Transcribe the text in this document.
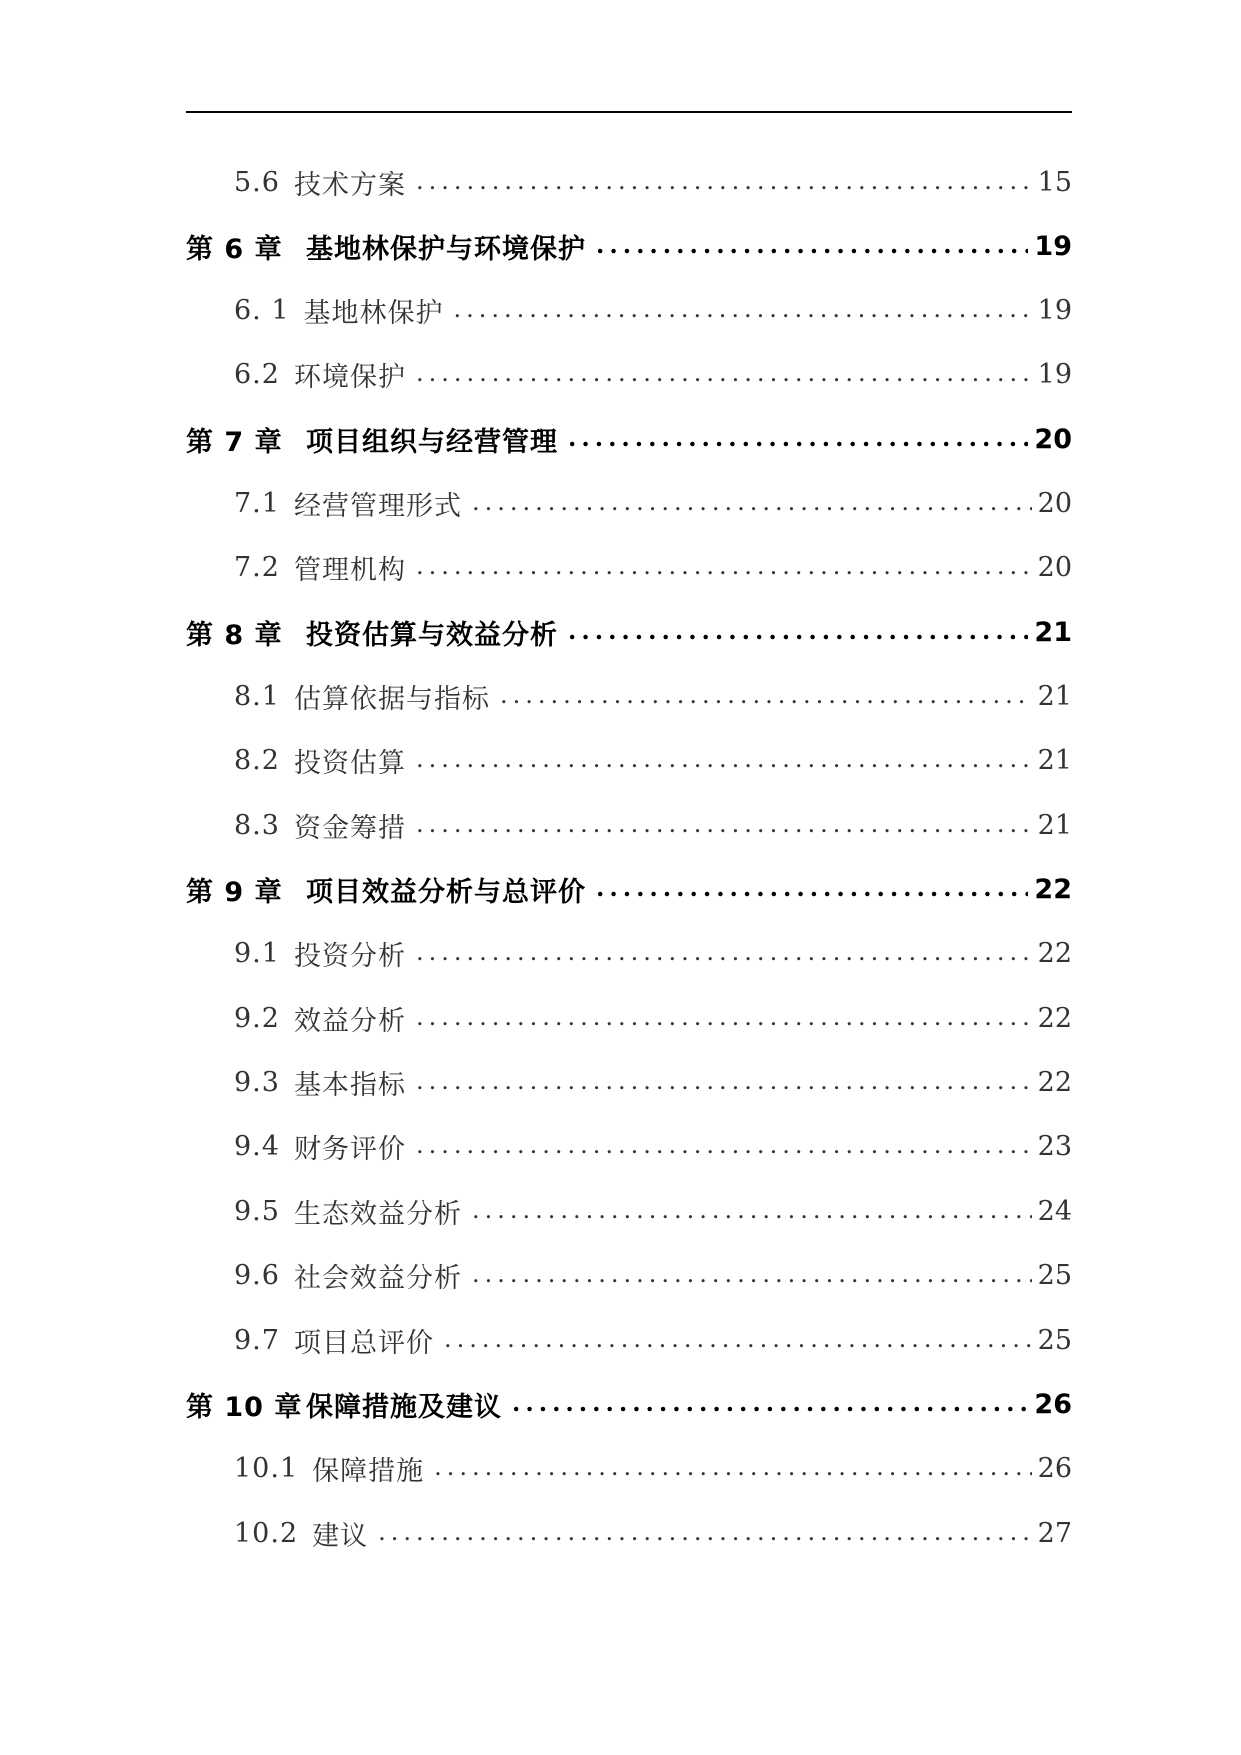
5.6 技术方案 .....	15
第 6 章 基地林保护与环境保护 .....	19
6. 1 基地林保护 .....	19
6.2 环境保护 .....	19
第 7 章 项目组织与经营管理 .....	20
7.1 经营管理形式 .....	20
7.2 管理机构 .....	20
第 8 章 投资估算与效益分析 .....	21
8.1 估算依据与指标 .....	21
8.2 投资估算 .....	21
8.3 资金筹措 .....	21
第 9 章 项目效益分析与总评价 .....	22
9.1 投资分析 .....	22
9.2 效益分析 .....	22
9.3 基本指标 .....	22
9.4 财务评价 .....	23
9.5 生态效益分析 .....	24
9.6 社会效益分析 .....	25
9.7 项目总评价 .....	25
第 10 章 保障措施及建议 .....	26
10.1 保障措施 .....	26
10.2 建议 .....	27
